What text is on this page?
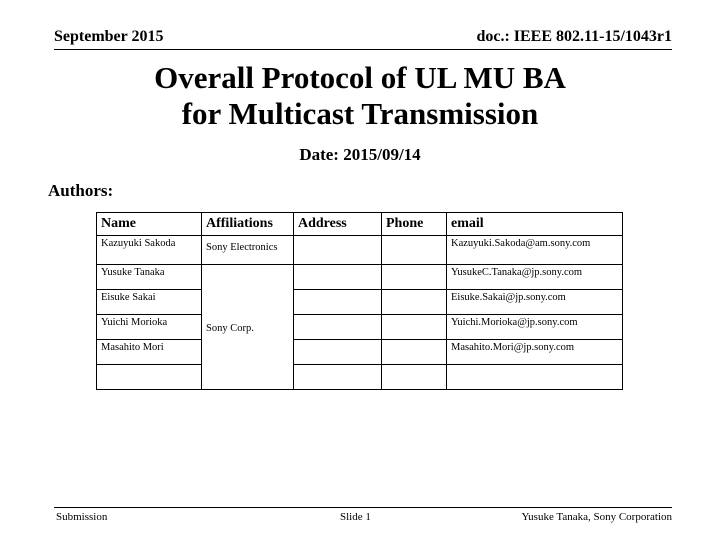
September 2015	doc.: IEEE 802.11-15/1043r1
Overall Protocol of UL MU BA
for Multicast Transmission
Date: 2015/09/14
Authors:
Name	Affiliations	Address	Phone	email
Kazuyuki Sakoda	Sony Electronics			Kazuyuki.Sakoda@am.sony.com
Yusuke Tanaka	Sony Corp.			YusukeC.Tanaka@jp.sony.com
Eisuke Sakai				Eisuke.Sakai@jp.sony.com
Yuichi Morioka				Yuichi.Morioka@jp.sony.com
Masahito Mori				Masahito.Mori@jp.sony.com

Submission	Slide 1	Yusuke Tanaka, Sony Corporation
